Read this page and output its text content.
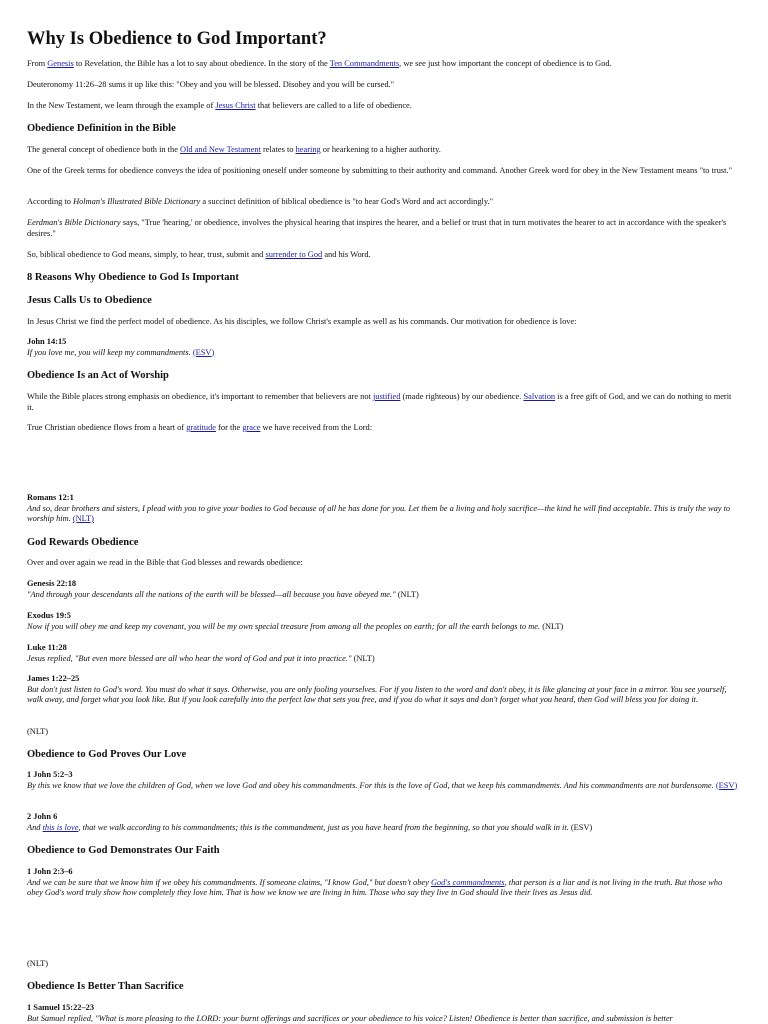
Why Is Obedience to God Important?

From Genesis to Revelation, the Bible has a lot to say about obedience. In the story of the Ten Commandments, we see just how important the concept of obedience is to God.

Deuteronomy 11:26–28 sums it up like this: "Obey and you will be blessed. Disobey and you will be cursed."

In the New Testament, we learn through the example of Jesus Christ that believers are called to a life of obedience.

Obedience Definition in the Bible

The general concept of obedience both in the Old and New Testament relates to hearing or hearkening to a higher authority.

One of the Greek terms for obedience conveys the idea of positioning oneself under someone by submitting to their authority and command. Another Greek word for obey in the New Testament means "to trust."

According to Holman's Illustrated Bible Dictionary a succinct definition of biblical obedience is "to hear God's Word and act accordingly."

Eerdman's Bible Dictionary says, "True 'hearing,' or obedience, involves the physical hearing that inspires the hearer, and a belief or trust that in turn motivates the hearer to act in accordance with the speaker's desires."

So, biblical obedience to God means, simply, to hear, trust, submit and surrender to God and his Word.

8 Reasons Why Obedience to God Is Important
Jesus Calls Us to Obedience

In Jesus Christ we find the perfect model of obedience. As his disciples, we follow Christ's example as well as his commands. Our motivation for obedience is love:

John 14:15
If you love me, you will keep my commandments. (ESV)
Obedience Is an Act of Worship

While the Bible places strong emphasis on obedience, it's important to remember that believers are not justified (made righteous) by our obedience. Salvation is a free gift of God, and we can do nothing to merit it.

True Christian obedience flows from a heart of gratitude for the grace we have received from the Lord:

Romans 12:1
And so, dear brothers and sisters, I plead with you to give your bodies to God because of all he has done for you. Let them be a living and holy sacrifice—the kind he will find acceptable. This is truly the way to worship him. (NLT)
God Rewards Obedience

Over and over again we read in the Bible that God blesses and rewards obedience:

Genesis 22:18
"And through your descendants all the nations of the earth will be blessed—all because you have obeyed me." (NLT)
Exodus 19:5
Now if you will obey me and keep my covenant, you will be my own special treasure from among all the peoples on earth; for all the earth belongs to me. (NLT)
Luke 11:28
Jesus replied, "But even more blessed are all who hear the word of God and put it into practice." (NLT)
James 1:22–25
But don't just listen to God's word. You must do what it says. Otherwise, you are only fooling yourselves. For if you listen to the word and don't obey, it is like glancing at your face in a mirror. You see yourself, walk away, and forget what you look like. But if you look carefully into the perfect law that sets you free, and if you do what it says and don't forget what you heard, then God will bless you for doing it.

(NLT)

Obedience to God Proves Our Love
1 John 5:2–3
By this we know that we love the children of God, when we love God and obey his commandments. For this is the love of God, that we keep his commandments. And his commandments are not burdensome. (ESV)
2 John 6
And this is love, that we walk according to his commandments; this is the commandment, just as you have heard from the beginning, so that you should walk in it. (ESV)
Obedience to God Demonstrates Our Faith
1 John 2:3–6
And we can be sure that we know him if we obey his commandments. If someone claims, "I know God," but doesn't obey God's commandments, that person is a liar and is not living in the truth. But those who obey God's word truly show how completely they love him. That is how we know we are living in him. Those who say they live in God should live their lives as Jesus did.

(NLT)

Obedience Is Better Than Sacrifice
1 Samuel 15:22–23
But Samuel replied, "What is more pleasing to the LORD: your burnt offerings and sacrifices or your obedience to his voice? Listen! Obedience is better than sacrifice, and submission is better
